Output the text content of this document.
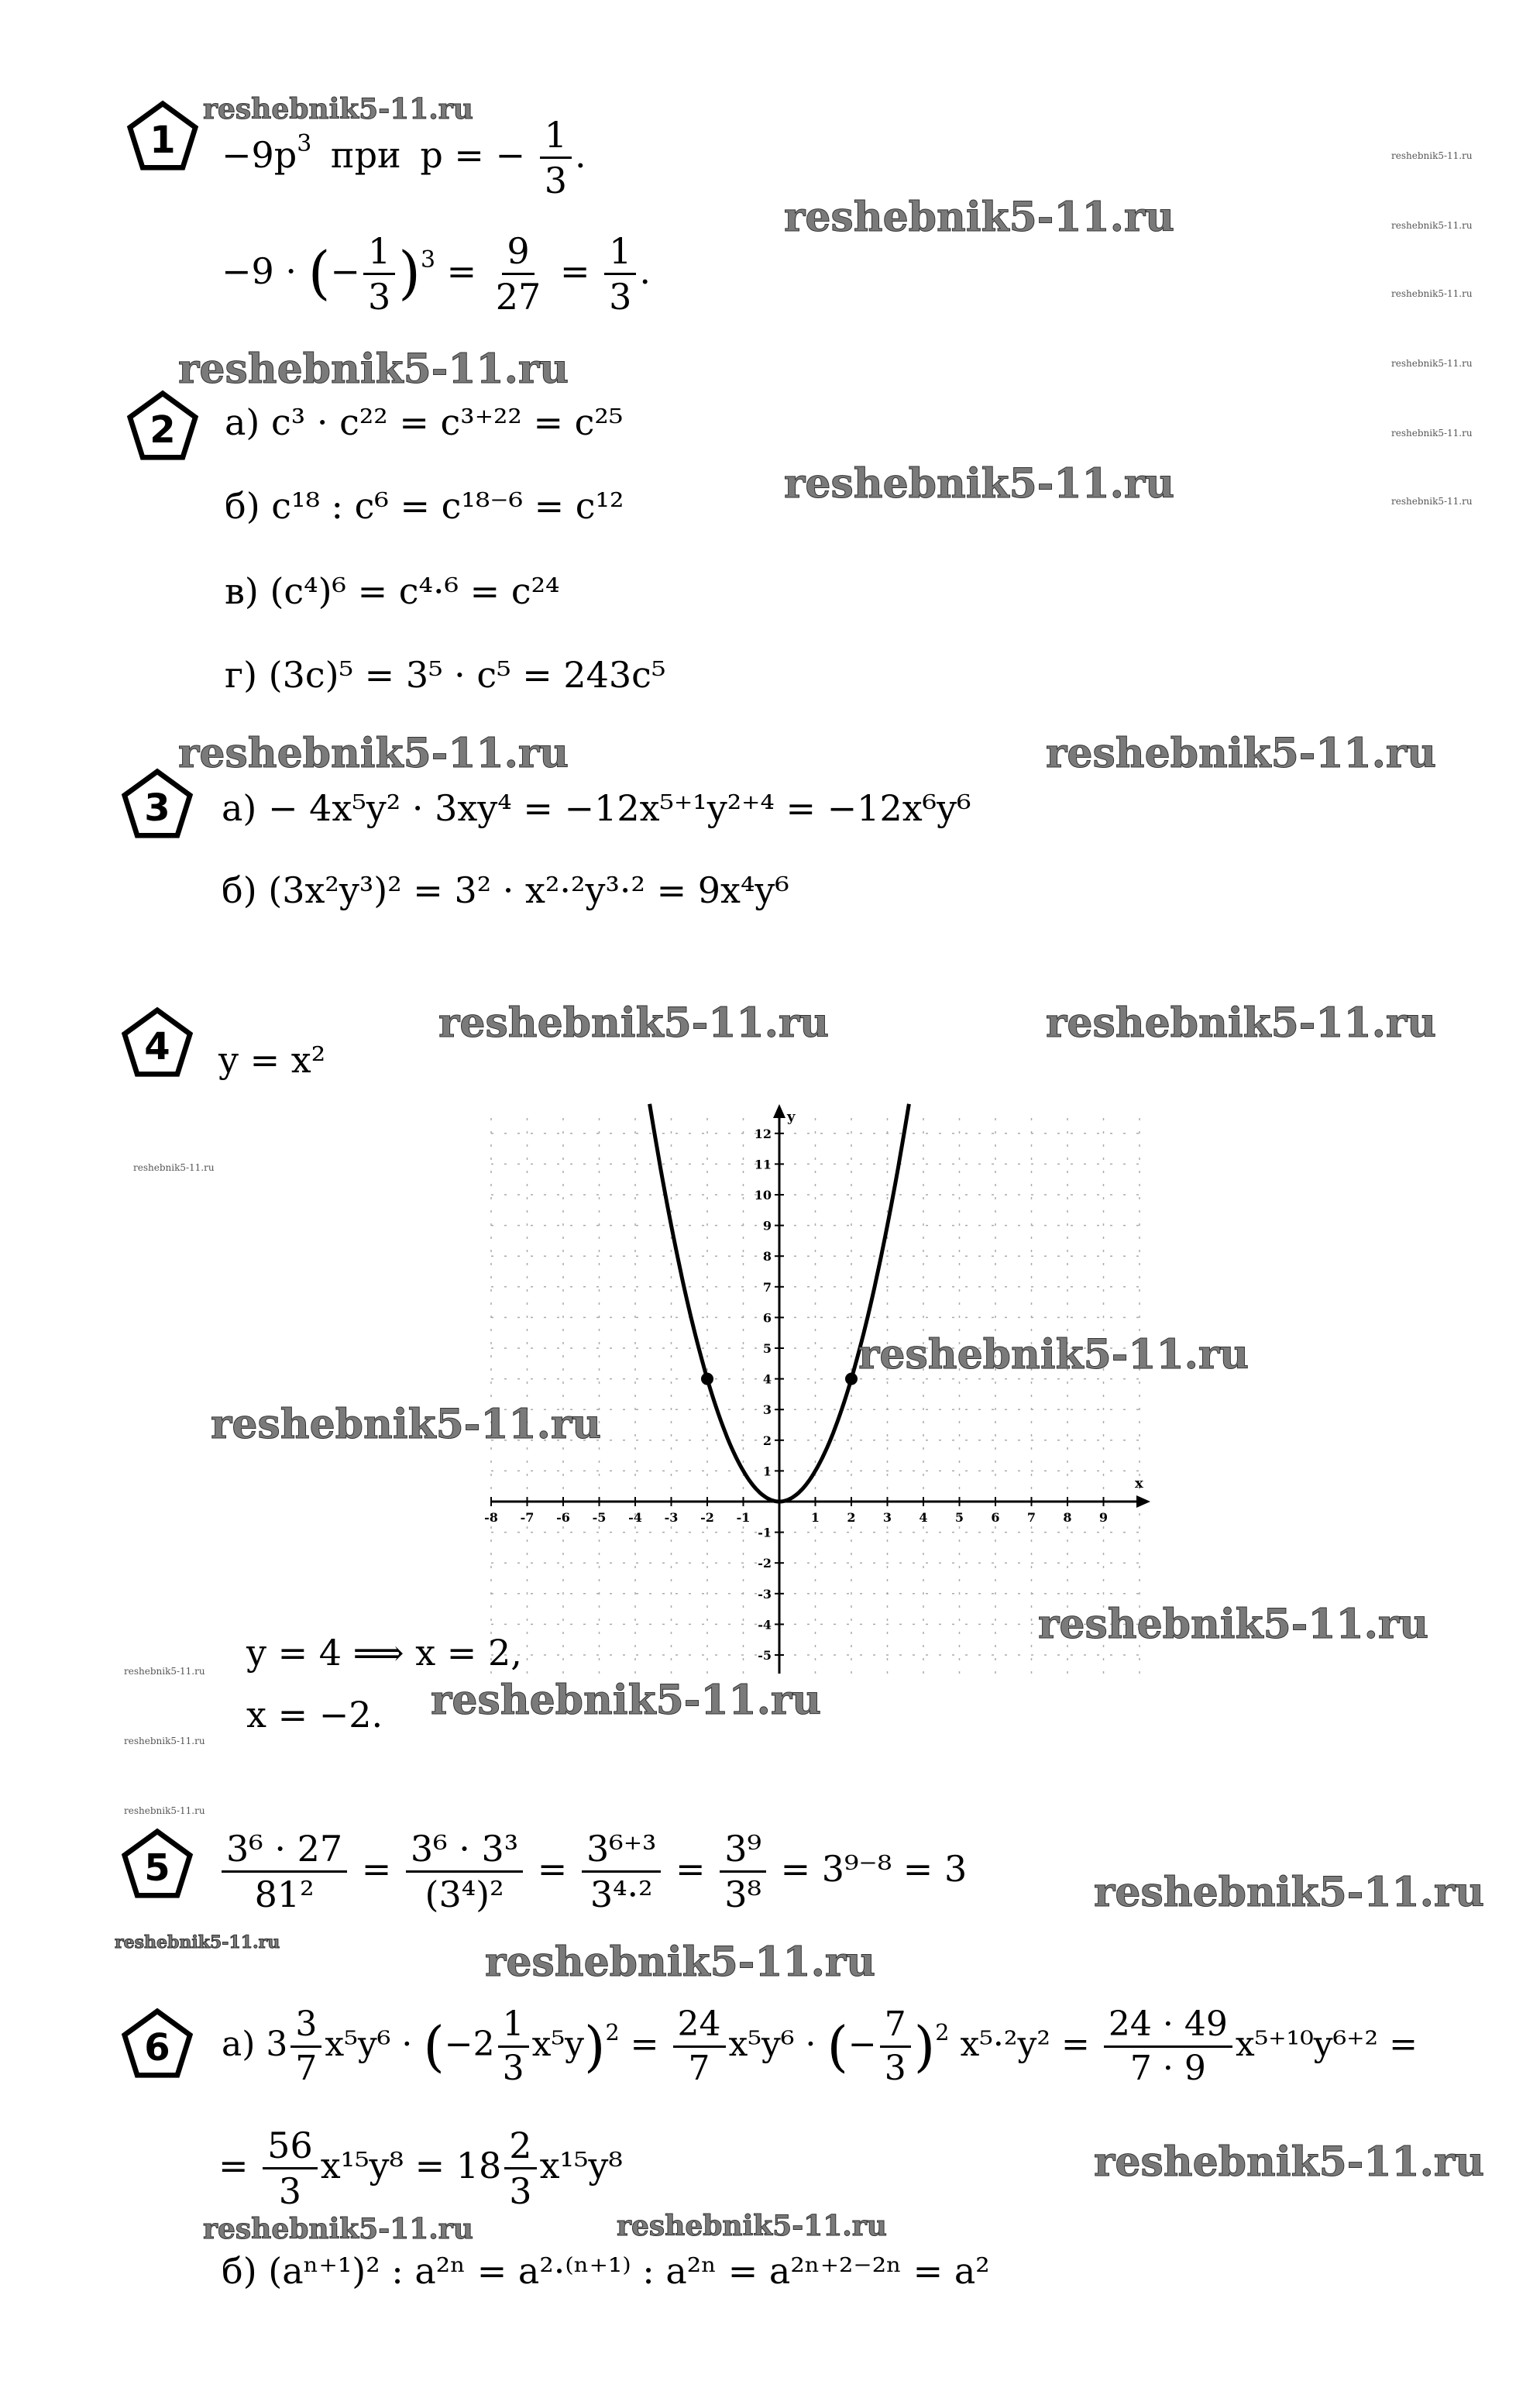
1
2
3
4
5
6
$-9p^3$ при p = − $\frac{1}{3}$ .
−9 · (− $\frac{1}{3} )^3 = \frac{9}{27} = \frac{1}{3}$ .
а) c³ · c²² = c³⁺²² = c²⁵
б) c¹⁸ : c⁶ = c¹⁸⁻⁶ = c¹²
в) (c⁴)⁶ = c⁴·⁶ = c²⁴
г) (3c)⁵ = 3⁵ · c⁵ = 243c⁵
а) − 4x⁵y² · 3xy⁴ = −12x⁵⁺¹y²⁺⁴ = −12x⁶y⁶
б) (3x²y³)² = 3² · x²·²y³·² = 9x⁴y⁶
y = x²
x
y
-8 -7 -6 -5 -4 -3 -2 -1	1 2 3 4 5 6 7 8 9
12
11
10
9
8
7
6
5
4
3
2
1
-1
-2
-3
-4
-5
y = 4 ⟹ x = 2,
x = −2.
$\frac{\text{3⁶ · 27}}{\text{81²}} = \frac{\text{3⁶ · 3³}}{\text{(3⁴)²}} = \frac{\text{3⁶⁺³}}{\text{3⁴·²}} = \frac{\text{3⁹}}{\text{3⁸}} = 3^{9-8} = 3$
а) $3 \frac{3}{7} x^5y^6 \cdot (-2 \frac{1}{3} x^5y)^2 = \frac{24}{7} x^5y^6$ · (− $\frac{7}{3} )^2$ $x^5\cdot^2y^2 = \frac{24 \cdot 49}{7 \cdot 9} x^{5+10}y^{6+2}$ =
= $\frac{56}{3} x^{15}y^8 = 18 \frac{2}{3} x^{15}y^8$
б) (aⁿ⁺¹)² : a²ⁿ = a²·⁽ⁿ⁺¹⁾ : a²ⁿ = a²ⁿ⁺²⁻²ⁿ = a²
reshebnik5-11.ru
reshebnik5-11.ru
reshebnik5-11.ru
reshebnik5-11.ru
reshebnik5-11.ru	reshebnik5-11.ru
reshebnik5-11.ru	reshebnik5-11.ru
reshebnik5-11.ru
reshebnik5-11.ru
reshebnik5-11.ru
reshebnik5-11.ru
reshebnik5-11.ru
reshebnik5-11.ru
reshebnik5-11.ru
reshebnik5-11.ru	reshebnik5-11.ru
reshebnik5-11.ru
reshebnik5-11.ru
reshebnik5-11.ru
reshebnik5-11.ru
reshebnik5-11.ru
reshebnik5-11.ru
reshebnik5-11.ru
reshebnik5-11.ru
reshebnik5-11.ru
reshebnik5-11.ru
reshebnik5-11.ru
